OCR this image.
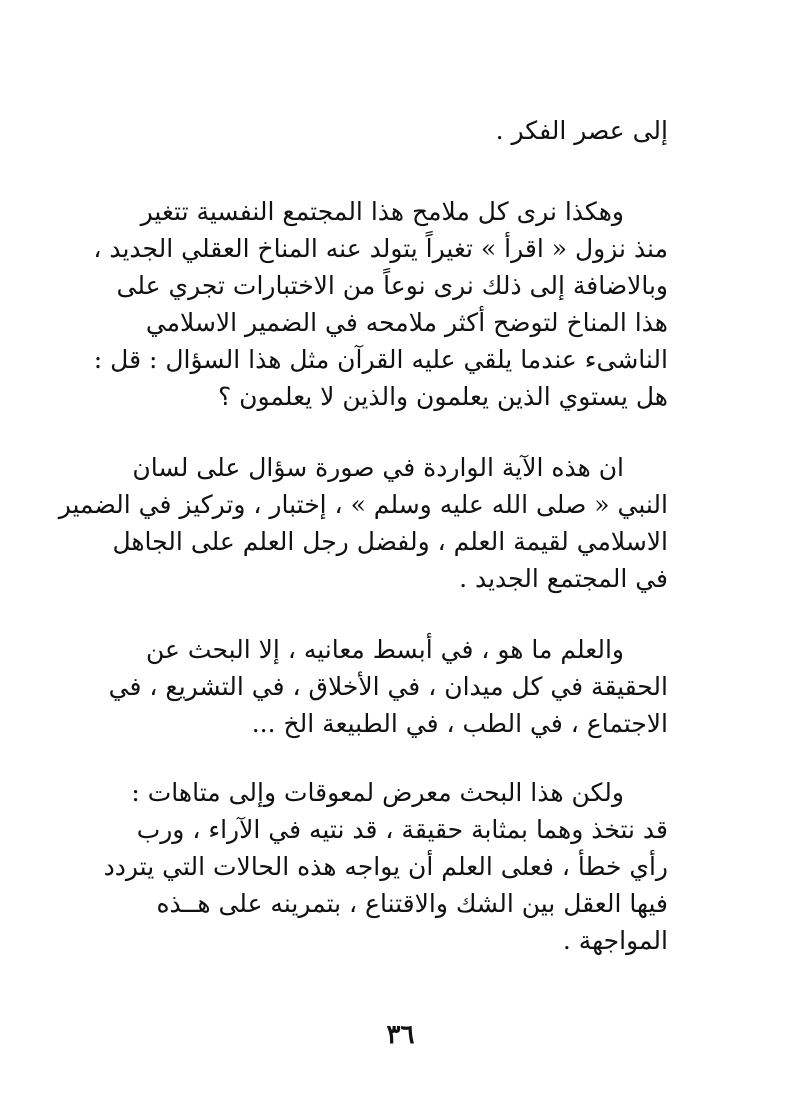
إلى عصر الفكر .
وهكذا نرى كل ملامح هذا المجتمع النفسية تتغير
منذ نزول « اقرأ » تغيراً يتولد عنه المناخ العقلي الجديد ،
وبالاضافة إلى ذلك نرى نوعاً من الاختبارات تجري على
هذا المناخ لتوضح أكثر ملامحه في الضمير الاسلامي
الناشىء عندما يلقي عليه القرآن مثل هذا السؤال : قل :
هل يستوي الذين يعلمون والذين لا يعلمون ؟
ان هذه الآية الواردة في صورة سؤال على لسان
النبي « صلى الله عليه وسلم » ، إختبار ، وتركيز في الضمير
الاسلامي لقيمة العلم ، ولفضل رجل العلم على الجاهل
في المجتمع الجديد .
والعلم ما هو ، في أبسط معانيه ، إلا البحث عن
الحقيقة في كل ميدان ، في الأخلاق ، في التشريع ، في
الاجتماع ، في الطب ، في الطبيعة الخ ...
ولكن هذا البحث معرض لمعوقات وإلى متاهات :
قد نتخذ وهما بمثابة حقيقة ، قد نتيه في الآراء ، ورب
رأي خطأ ، فعلى العلم أن يواجه هذه الحالات التي يتردد
فيها العقل بين الشك والاقتناع ، بتمرينه على هــذه
المواجهة .
٣٦
